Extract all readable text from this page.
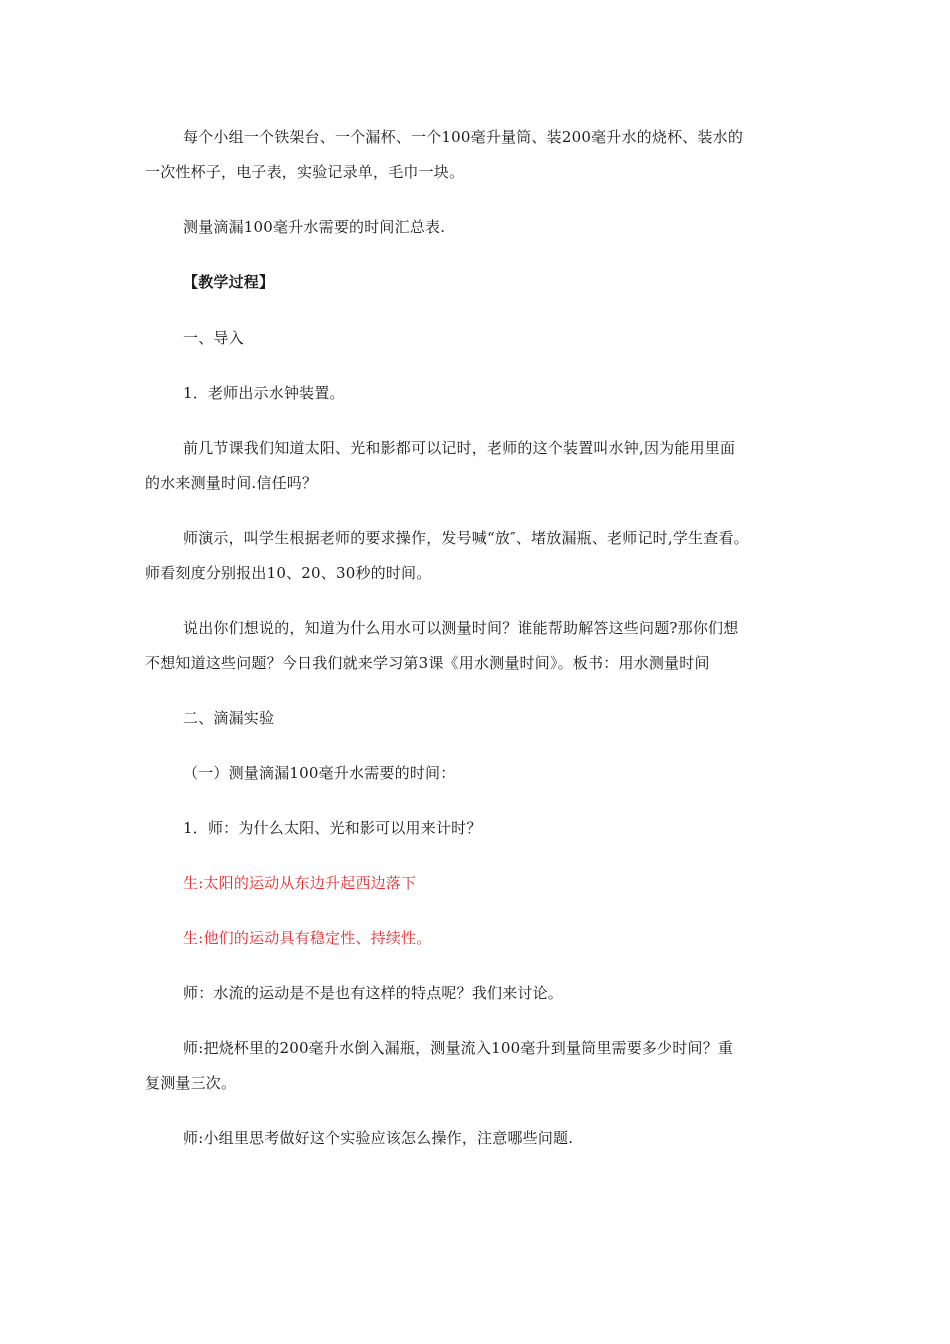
每个小组一个铁架台、一个漏杯、一个100毫升量筒、装200毫升水的烧杯、装水的
一次性杯子，电子表，实验记录单，毛巾一块。

测量滴漏100毫升水需要的时间汇总表.

【教学过程】

一、导入

1．老师出示水钟装置。

前几节课我们知道太阳、光和影都可以记时，老师的这个装置叫水钟,因为能用里面
的水来测量时间.信任吗？

师演示，叫学生根据老师的要求操作，发号喊“放″、堵放漏瓶、老师记时,学生查看。
师看刻度分别报出10、20、30秒的时间。

说出你们想说的，知道为什么用水可以测量时间？谁能帮助解答这些问题?那你们想
不想知道这些问题？今日我们就来学习第3课《用水测量时间》。板书：用水测量时间

二、滴漏实验

（一）测量滴漏100毫升水需要的时间：

1．师：为什么太阳、光和影可以用来计时？

生:太阳的运动从东边升起西边落下

生:他们的运动具有稳定性、持续性。

师：水流的运动是不是也有这样的特点呢？我们来讨论。

师:把烧杯里的200毫升水倒入漏瓶，测量流入100毫升到量筒里需要多少时间？重
复测量三次。

师:小组里思考做好这个实验应该怎么操作，注意哪些问题.
